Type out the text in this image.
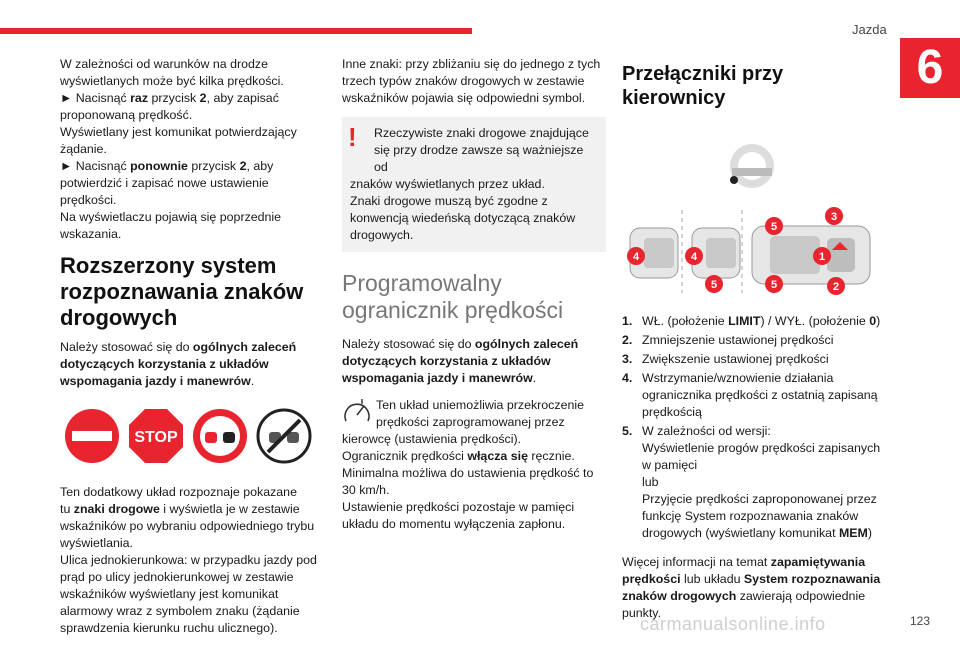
Jazda
6

W zależności od warunków na drodze
wyświetlanych może być kilka prędkości.
► Nacisnąć raz przycisk 2, aby zapisać
proponowaną prędkość.
Wyświetlany jest komunikat potwierdzający
żądanie.
► Nacisnąć ponownie przycisk 2, aby
potwierdzić i zapisać nowe ustawienie prędkości.
Na wyświetlaczu pojawią się poprzednie
wskazania.

Rozszerzony system rozpoznawania znaków drogowych

Należy stosować się do ogólnych zaleceń dotyczących korzystania z układów wspomagania jazdy i manewrów.

STOP

Ten dodatkowy układ rozpoznaje pokazane
tu znaki drogowe i wyświetla je w zestawie
wskaźników po wybraniu odpowiedniego trybu
wyświetlania.
Ulica jednokierunkowa: w przypadku jazdy pod
prąd po ulicy jednokierunkowej w zestawie
wskaźników wyświetlany jest komunikat
alarmowy wraz z symbolem znaku (żądanie
sprawdzenia kierunku ruchu ulicznego).

Inne znaki: przy zbliżaniu się do jednego z tych
trzech typów znaków drogowych w zestawie
wskaźników pojawia się odpowiedni symbol.

!	Rzeczywiste znaki drogowe znajdujące
się przy drodze zawsze są ważniejsze od
znaków wyświetlanych przez układ.
Znaki drogowe muszą być zgodne z
konwencją wiedeńską dotyczącą znaków
drogowych.
Programowalny
ogranicznik prędkości

Należy stosować się do ogólnych zaleceń
dotyczących korzystania z układów
wspomagania jazdy i manewrów.

Ten układ uniemożliwia przekroczenie
prędkości zaprogramowanej przez
kierowcę (ustawienia prędkości).
Ogranicznik prędkości włącza się ręcznie.
Minimalna możliwa do ustawienia prędkość to
30 km/h.
Ustawienie prędkości pozostaje w pamięci
układu do momentu wyłączenia zapłonu.
Przełączniki przy kierownicy
4	4
5	5
3
1
5
2
1. WŁ. (położenie LIMIT) / WYŁ. (położenie 0)
2. Zmniejszenie ustawionej prędkości
3. Zwiększenie ustawionej prędkości
4. Wstrzymanie/wznowienie działania
ogranicznika prędkości z ostatnią zapisaną
prędkością
5. W zależności od wersji:
Wyświetlenie progów prędkości zapisanych
w pamięci
lub
Przyjęcie prędkości zaproponowanej przez
funkcję System rozpoznawania znaków
drogowych (wyświetlany komunikat MEM)

Więcej informacji na temat zapamiętywania
prędkości lub układu System rozpoznawania
znaków drogowych zawierają odpowiednie
punkty.

carmanualsonline.info	123
